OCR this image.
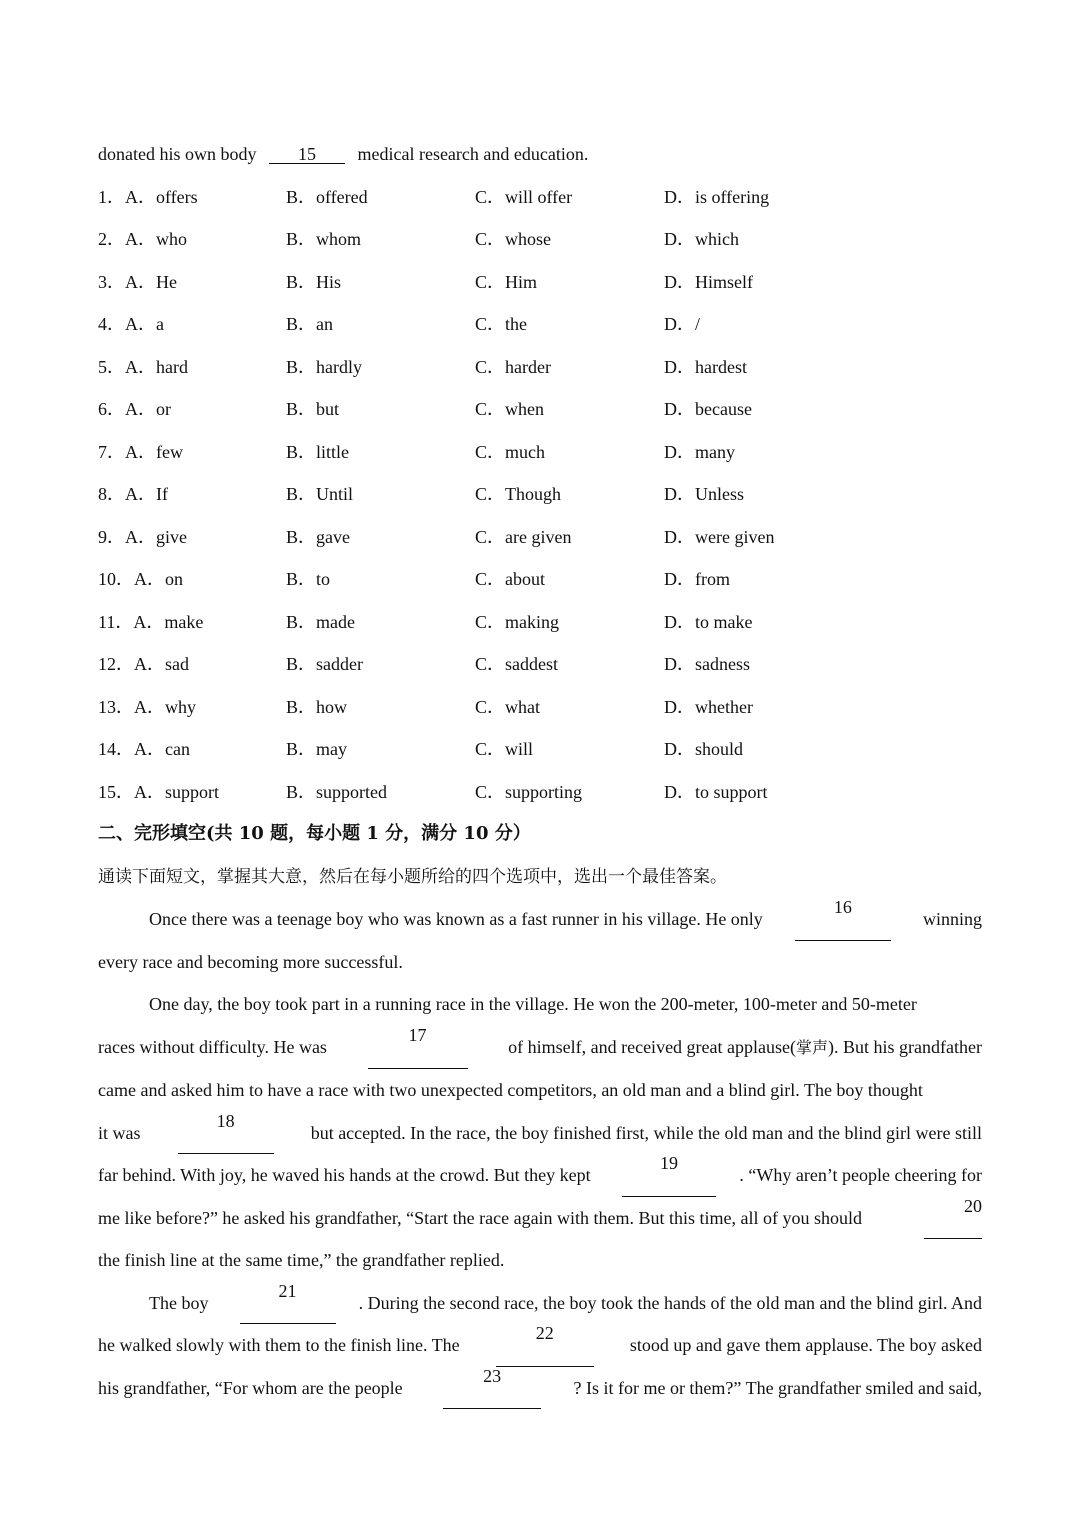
donated his own body 15 medical research and education.
1．A．offers	B．offered	C．will offer	D．is offering
2．A．who	B．whom	C．whose	D．which
3．A．He	B．His	C．Him	D．Himself
4．A．a	B．an	C．the	D．/
5．A．hard	B．hardly	C．harder	D．hardest
6．A．or	B．but	C．when	D．because
7．A．few	B．little	C．much	D．many
8．A．If	B．Until	C．Though	D．Unless
9．A．give	B．gave	C．are given	D．were given
10．A．on	B．to	C．about	D．from
11．A．make	B．made	C．making	D．to make
12．A．sad	B．sadder	C．saddest	D．sadness
13．A．why	B．how	C．what	D．whether
14．A．can	B．may	C．will	D．should
15．A．support	B．supported	C．supporting	D．to support
二、完形填空(共 10 题，每小题 1 分，满分 10 分）
通读下面短文，掌握其大意，然后在每小题所给的四个选项中，选出一个最佳答案。
Once there was a teenage boy who was known as a fast runner in his village. He only
16
winning
every race and becoming more successful.
One day, the boy took part in a running race in the village. He won the 200-meter, 100-meter and 50-meter
races without difficulty. He was
17
of himself, and received great applause(掌声). But his grandfather
came and asked him to have a race with two unexpected competitors, an old man and a blind girl. The boy thought
it was
18
but accepted. In the race, the boy finished first, while the old man and the blind girl were still
far behind. With joy, he waved his hands at the crowd. But they kept
19
. “Why aren’t people cheering for
me like before?” he asked his grandfather, “Start the race again with them. But this time, all of you should
20
the finish line at the same time,” the grandfather replied.
The boy
21
. During the second race, the boy took the hands of the old man and the blind girl. And
he walked slowly with them to the finish line. The
22
stood up and gave them applause. The boy asked
his grandfather, “For whom are the people
23
? Is it for me or them?” The grandfather smiled and said,
